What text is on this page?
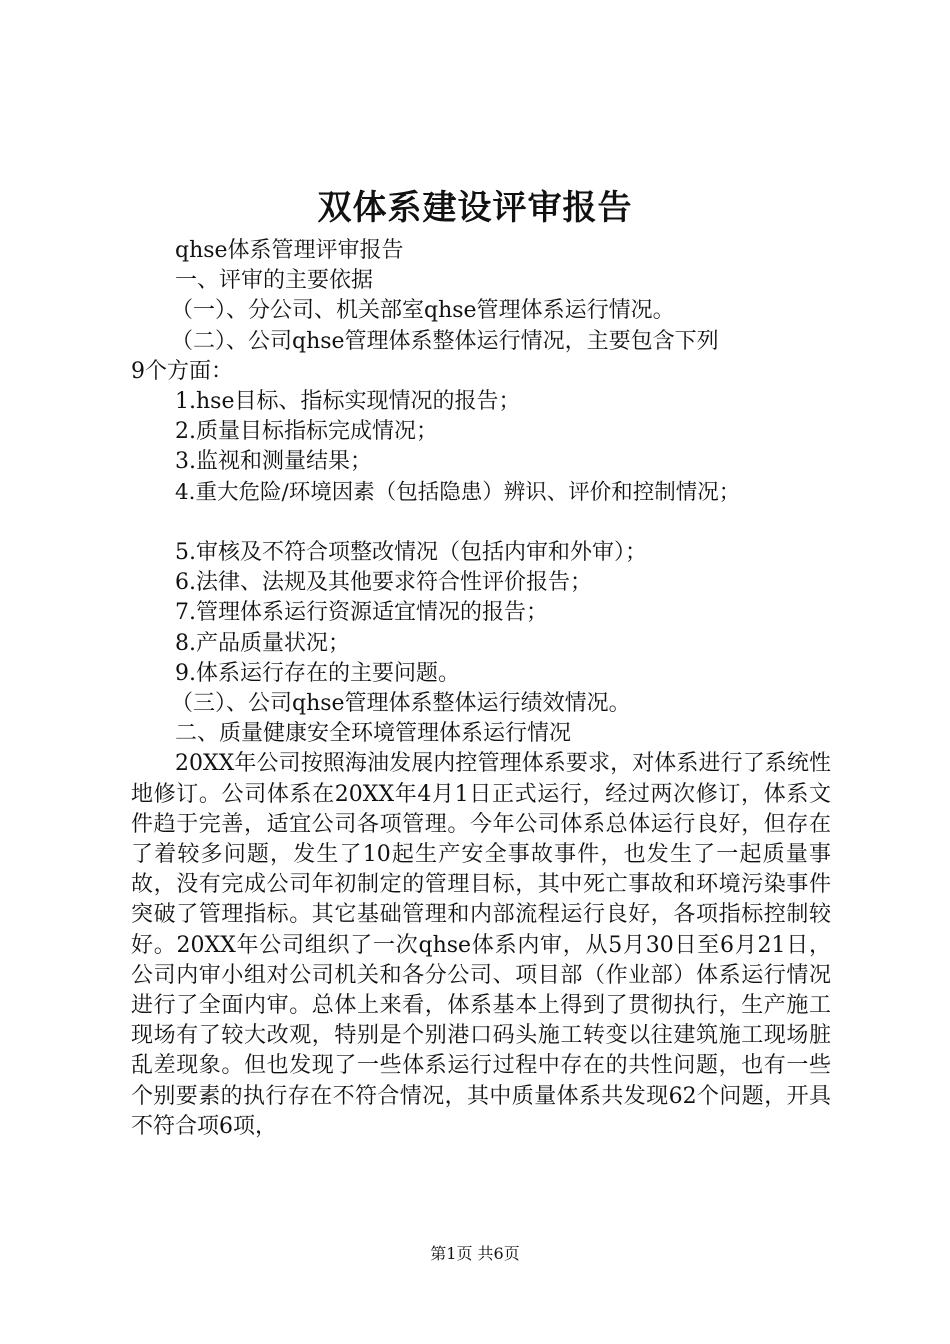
双体系建设评审报告

qhse体系管理评审报告

一、评审的主要依据

（一）、分公司、机关部室qhse管理体系运行情况。

（二）、公司qhse管理体系整体运行情况，主要包含下列

9个方面：

1.hse目标、指标实现情况的报告；

2.质量目标指标完成情况；

3.监视和测量结果；

4.重大危险/环境因素（包括隐患）辨识、评价和控制情况；

5.审核及不符合项整改情况（包括内审和外审）；

6.法律、法规及其他要求符合性评价报告；

7.管理体系运行资源适宜情况的报告；

8.产品质量状况；

9.体系运行存在的主要问题。

（三）、公司qhse管理体系整体运行绩效情况。

二、质量健康安全环境管理体系运行情况

20XX年公司按照海油发展内控管理体系要求，对体系进行了系统性地修订。公司体系在20XX年4月1日正式运行，经过两次修订，体系文件趋于完善，适宜公司各项管理。今年公司体系总体运行良好，但存在了着较多问题，发生了10起生产安全事故事件，也发生了一起质量事故，没有完成公司年初制定的管理目标，其中死亡事故和环境污染事件突破了管理指标。其它基础管理和内部流程运行良好，各项指标控制较好。20XX年公司组织了一次qhse体系内审，从5月30日至6月21日，公司内审小组对公司机关和各分公司、项目部（作业部）体系运行情况进行了全面内审。总体上来看，体系基本上得到了贯彻执行，生产施工现场有了较大改观，特别是个别港口码头施工转变以往建筑施工现场脏乱差现象。但也发现了一些体系运行过程中存在的共性问题，也有一些个别要素的执行存在不符合情况，其中质量体系共发现62个问题，开具不符合项6项，

第1页 共6页
